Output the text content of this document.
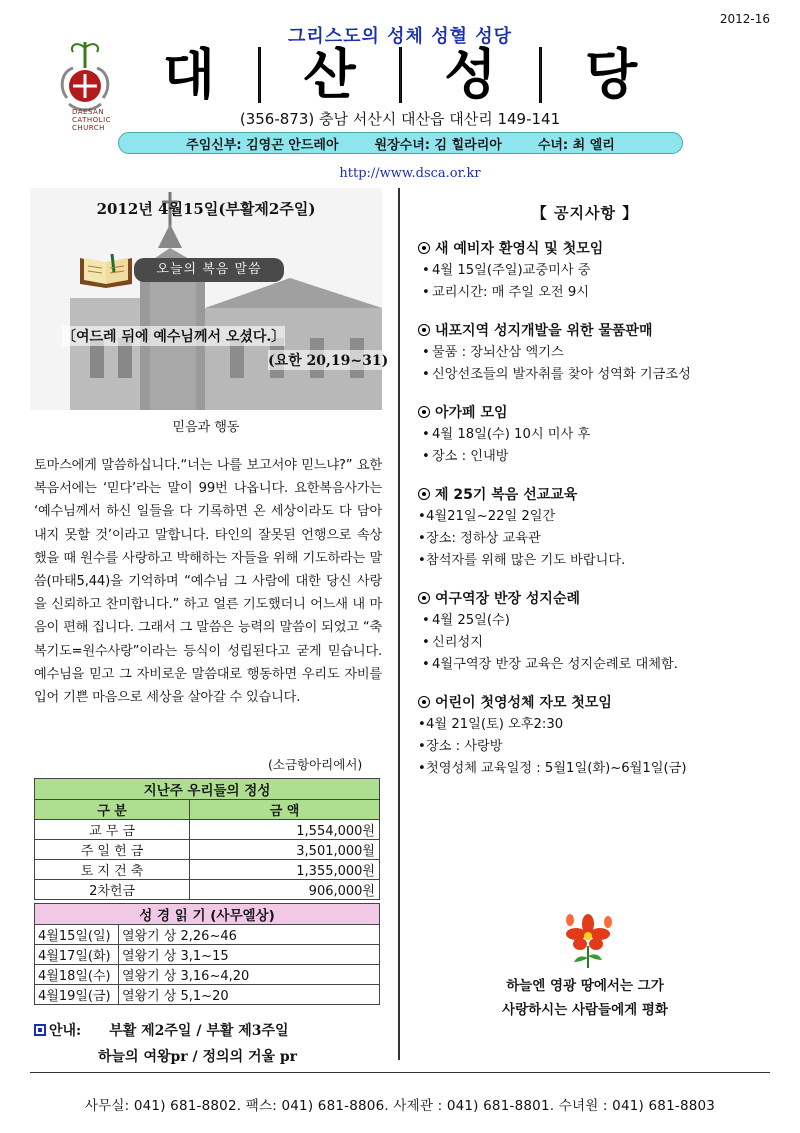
2012-16
DAESAN
CATHOLIC
CHURCH
그리스도의 성체 성혈 성당
대	산	성	당
(356-873) 충남 서산시 대산읍 대산리 149-141
주임신부: 김영곤 안드레아	원장수녀: 김 힐라리아	수녀: 최 엘리
http://www.dsca.or.kr
2012년 4월15일(부활제2주일)
오늘의 복음 말씀
〔여드레 뒤에 예수님께서 오셨다.〕
(요한 20,19~31)
믿음과 행동
토마스에게 말씀하십니다.“너는 나를 보고서야 믿느냐?” 요한 복음서에는 ‘믿다’라는 말이 99번 나옵니다. 요한복음사가는 ‘예수님께서 하신 일들을 다 기록하면 온 세상이라도 다 담아내지 못할 것’이라고 말합니다. 타인의 잘못된 언행으로 속상했을 때 원수를 사랑하고 박해하는 자들을 위해 기도하라는 말씀(마태5,44)을 기억하며 “예수님 그 사람에 대한 당신 사랑을 신뢰하고 찬미합니다.” 하고 얼른 기도했더니 어느새 내 마음이 편해 집니다. 그래서 그 말씀은 능력의 말씀이 되었고 “축복기도=원수사랑”이라는 등식이 성립된다고 굳게 믿습니다. 예수님을 믿고 그 자비로운 말씀대로 행동하면 우리도 자비를 입어 기쁜 마음으로 세상을 살아갈 수 있습니다.
(소금항아리에서)
지난주 우리들의 정성	
구 분	금 액
교 무 금	1,554,000원
주 일 헌 금	3,501,000월
토 지 건 축	1,355,000원
2차헌금	906,000원
성 경 읽 기 (사무엘상)	
4월15일(일)	열왕기 상 2,26~46
4월17일(화)	열왕기 상 3,1~15
4월18일(수)	열왕기 상 3,16~4,20
4월19일(금)	열왕기 상 5,1~20
안내: 부활 제2주일 / 부활 제3주일
하늘의 여왕pr / 정의의 거울 pr
【 공지사항 】
새 예비자 환영식 및 첫모임
• 4월 15일(주일)교중미사 중
• 교리시간: 매 주일 오전 9시
내포지역 성지개발을 위한 물품판매
• 물품 : 장뇌산삼 엑기스
• 신앙선조들의 발자취를 찾아 성역화 기금조성
아가페 모임
• 4월 18일(수) 10시 미사 후
• 장소 : 인내방
제 25기 복음 선교교육
• 4월21일~22일 2일간
• 장소: 정하상 교육관
• 참석자를 위해 많은 기도 바랍니다.
여구역장 반장 성지순례
• 4월 25일(수)
• 신리성지
• 4월구역장 반장 교육은 성지순례로 대체함.
어린이 첫영성체 자모 첫모임
• 4월 21일(토) 오후2:30
• 장소 : 사랑방
• 첫영성체 교육일정 : 5월1일(화)~6월1일(금)
하늘엔 영광 땅에서는 그가
사랑하시는 사람들에게 평화
사무실: 041) 681-8802. 팩스: 041) 681-8806. 사제관 : 041) 681-8801. 수녀원 : 041) 681-8803
